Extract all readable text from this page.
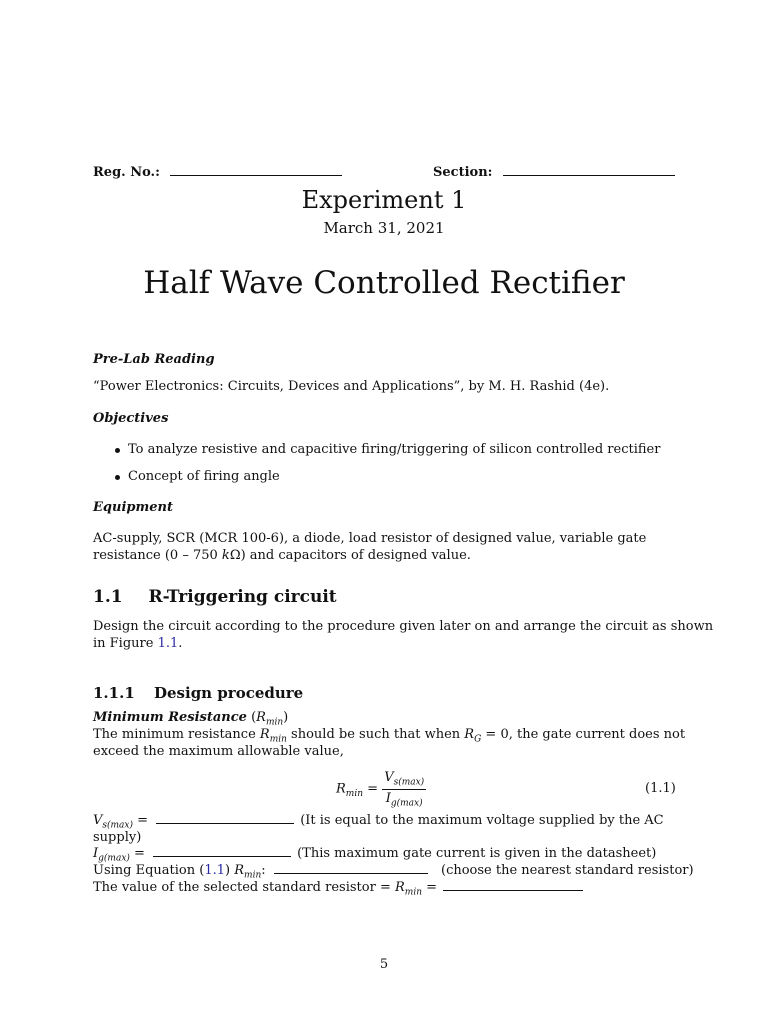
Reg. No.:	Section:
Experiment 1
March 31, 2021
Half Wave Controlled Rectifier
Pre-Lab Reading
“Power Electronics: Circuits, Devices and Applications”, by M. H. Rashid (4e).
Objectives
To analyze resistive and capacitive firing/triggering of silicon controlled rectifier
Concept of firing angle
Equipment
AC-supply, SCR (MCR 100-6), a diode, load resistor of designed value, variable gate
resistance (0 – 750 kΩ) and capacitors of designed value.
1.1 R-Triggering circuit
Design the circuit according to the procedure given later on and arrange the circuit as shown
in Figure 1.1.
1.1.1 Design procedure
Minimum Resistance $(R_{min})$
The minimum resistance $R_{min}$ should be such that when $R_G = 0$, the gate current does not
exceed the maximum allowable value,
$R_{min} = \frac{V_{s(max)}}{I_{g(max)}}$	(1.1)
$V_{s(max)}$ =	(It is equal to the maximum voltage supplied by the AC
supply)
$I_{g(max)}$ =	(This maximum gate current is given in the datasheet)
Using Equation (1.1) $R_{min}$:	(choose the nearest standard resistor)
The value of the selected standard resistor = $R_{min}$ =
5
